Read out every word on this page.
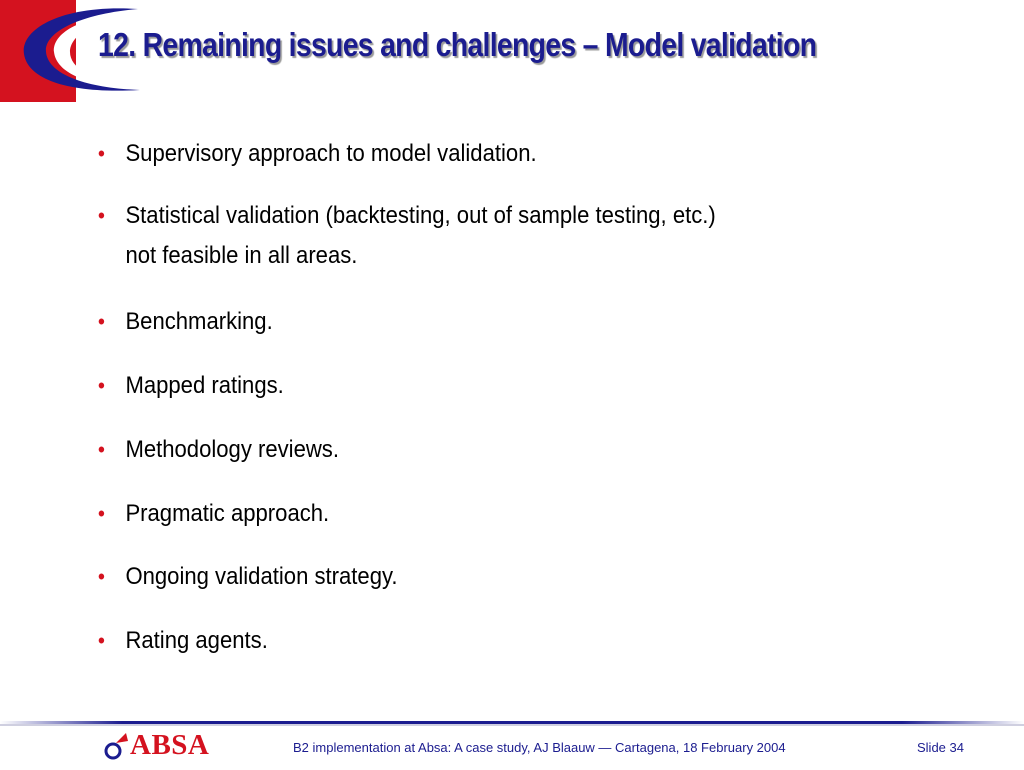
12. Remaining issues and challenges – Model validation
• Supervisory approach to model validation.
• Statistical validation (backtesting, out of sample testing, etc.)
not feasible in all areas.
• Benchmarking.
• Mapped ratings.
• Methodology reviews.
• Pragmatic approach.
• Ongoing validation strategy.
• Rating agents.
ABSA	B2 implementation at Absa: A case study, AJ Blaauw — Cartagena, 18 February 2004	Slide 34
